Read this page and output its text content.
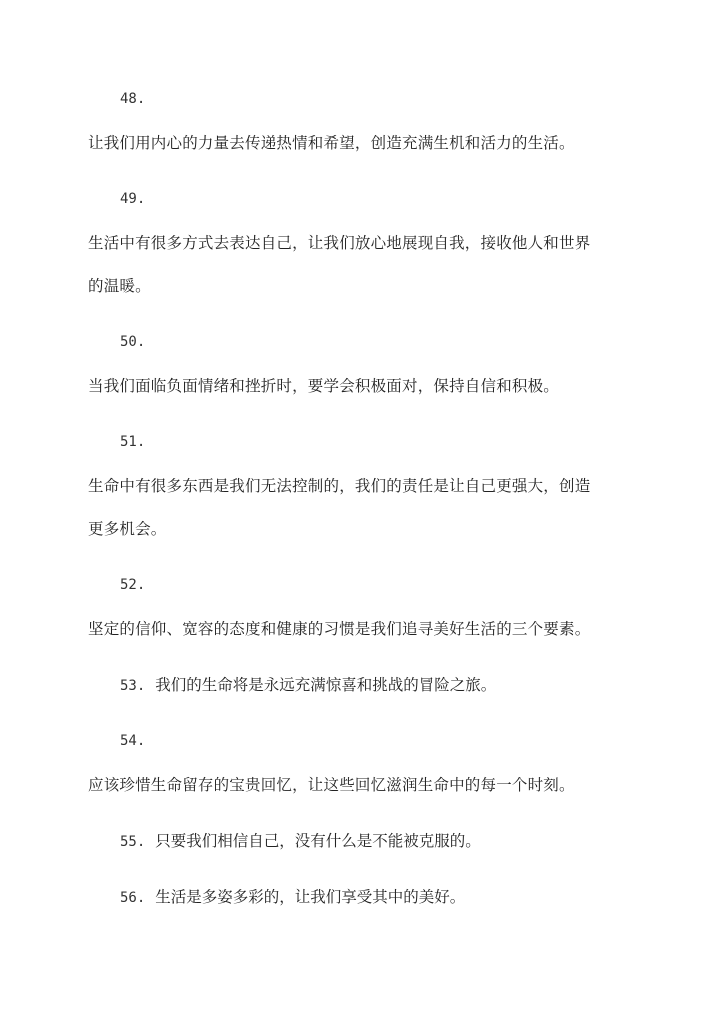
48.
让我们用内心的力量去传递热情和希望，创造充满生机和活力的生活。
49.
生活中有很多方式去表达自己，让我们放心地展现自我，接收他人和世界
的温暖。
50.
当我们面临负面情绪和挫折时，要学会积极面对，保持自信和积极。
51.
生命中有很多东西是我们无法控制的，我们的责任是让自己更强大，创造
更多机会。
52.
坚定的信仰、宽容的态度和健康的习惯是我们追寻美好生活的三个要素。
53. 我们的生命将是永远充满惊喜和挑战的冒险之旅。
54.
应该珍惜生命留存的宝贵回忆，让这些回忆滋润生命中的每一个时刻。
55. 只要我们相信自己，没有什么是不能被克服的。
56. 生活是多姿多彩的，让我们享受其中的美好。
